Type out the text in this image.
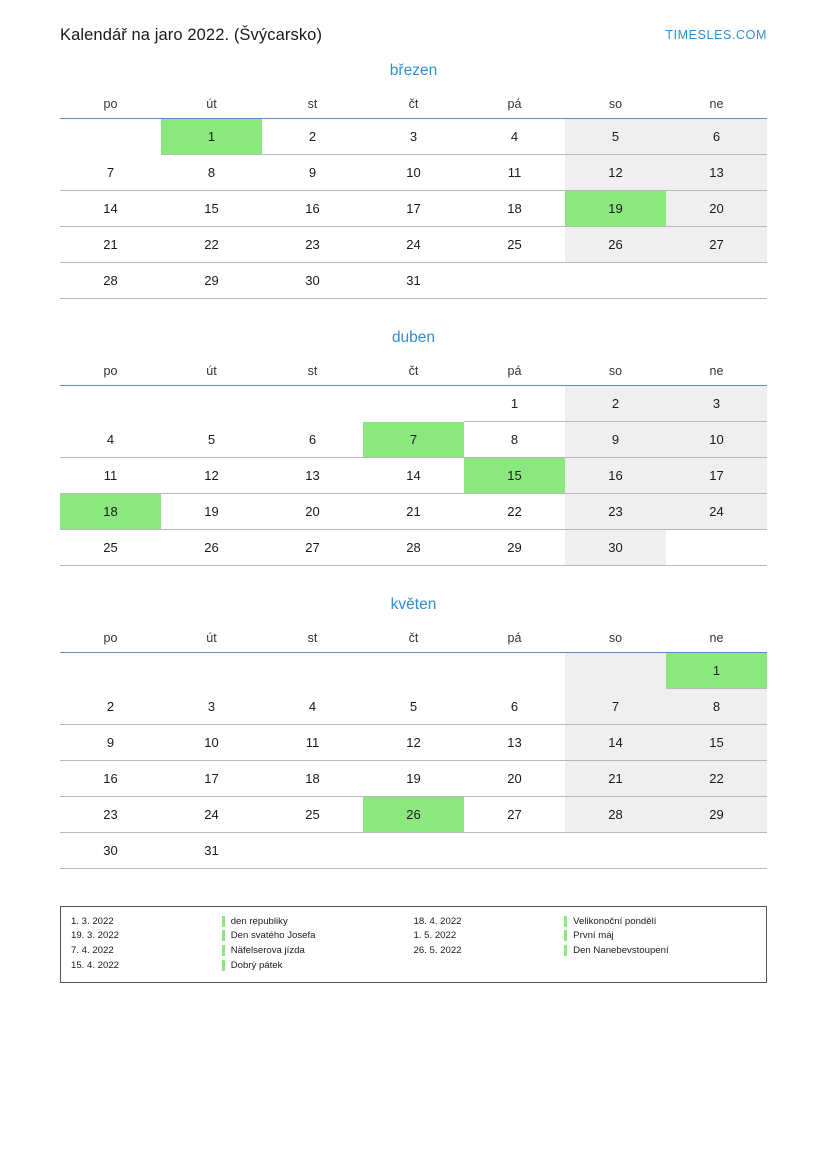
Kalendář na jaro 2022. (Švýcarsko)	TIMESLES.COM
březen
po	út	st	čt	pá	so	ne
	1	2	3	4	5	6
7	8	9	10	11	12	13
14	15	16	17	18	19	20
21	22	23	24	25	26	27
28	29	30	31			
duben
po	út	st	čt	pá	so	ne
				1	2	3
4	5	6	7	8	9	10
11	12	13	14	15	16	17
18	19	20	21	22	23	24
25	26	27	28	29	30	
květen
po	út	st	čt	pá	so	ne
						1
2	3	4	5	6	7	8
9	10	11	12	13	14	15
16	17	18	19	20	21	22
23	24	25	26	27	28	29
30	31					
1. 3. 2022	den republiky	18. 4. 2022	Velikonoční pondělí

19. 3. 2022	Den svatého Josefa	1. 5. 2022	První máj

7. 4. 2022	Näfelserova jízda	26. 5. 2022	Den Nanebevstoupení

15. 4. 2022	Dobrý pátek		
